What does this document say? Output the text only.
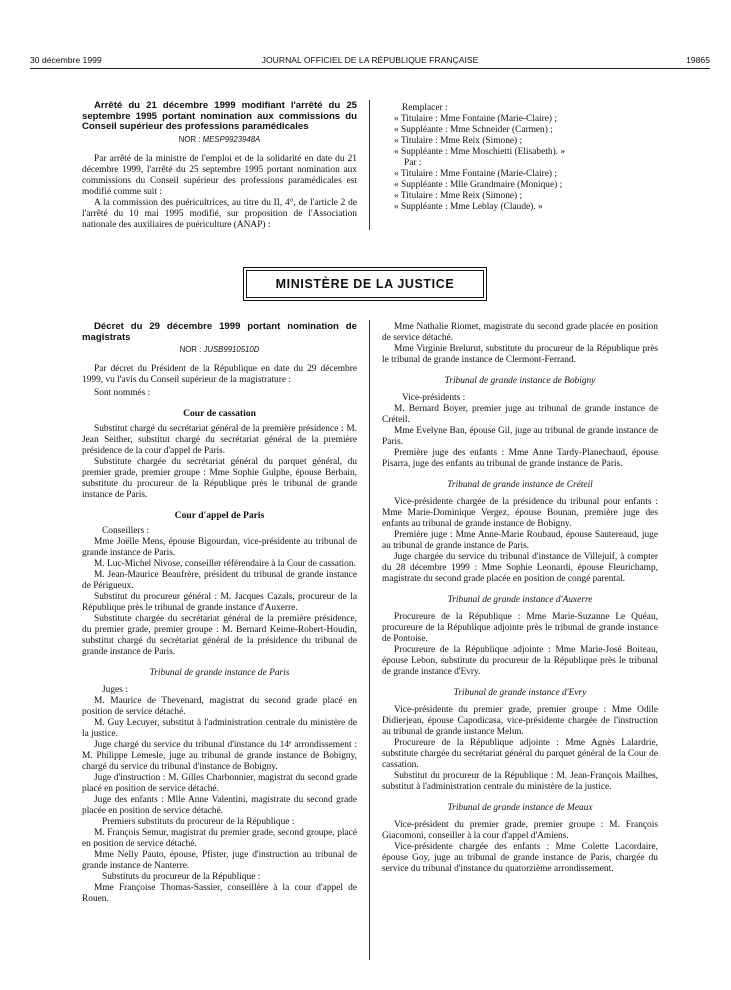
30 décembre 1999	JOURNAL OFFICIEL DE LA RÉPUBLIQUE FRANÇAISE	19865

Arrêté du 21 décembre 1999 modifiant l'arrêté du 25 septembre 1995 portant nomination aux commissions du Conseil supérieur des professions paramédicales

NOR : MESP9923948A

Par arrêté de la ministre de l'emploi et de la solidarité en date du 21 décembre 1999, l'arrêté du 25 septembre 1995 portant nomination aux commissions du Conseil supérieur des professions paramédicales est modifié comme suit :

A la commission des puéricultrices, au titre du II, 4°, de l'article 2 de l'arrêté du 10 mai 1995 modifié, sur proposition de l'Association nationale des auxiliaires de puériculture (ANAP) :

Remplacer :

« Titulaire : Mme Fontaine (Marie-Claire) ;

« Suppléante : Mme Schneider (Carmen) ;

« Titulaire : Mme Reix (Simone) ;

« Suppléante : Mme Moschietti (Elisabeth). »

Par :

« Titulaire : Mme Fontaine (Marie-Claire) ;

« Suppléante : Mlle Grandmaire (Monique) ;

« Titulaire : Mme Reix (Simone) ;

« Suppléante : Mme Leblay (Claude). »

MINISTÈRE DE LA JUSTICE

Décret du 29 décembre 1999 portant nomination de magistrats

NOR : JUSB9910510D

Par décret du Président de la République en date du 29 décembre 1999, vu l'avis du Conseil supérieur de la magistrature :

Sont nommés :

Cour de cassation

Substitut chargé du secrétariat général de la première présidence : M. Jean Seither, substitut chargé du secrétariat général de la première présidence de la cour d'appel de Paris.

Substitute chargée du secrétariat général du parquet général, du premier grade, premier groupe : Mme Sophie Gulphe, épouse Berbain, substitute du procureur de la République près le tribunal de grande instance de Paris.

Cour d'appel de Paris

Conseillers :

Mme Joëlle Mens, épouse Bigourdan, vice-présidente au tribunal de grande instance de Paris.

M. Luc-Michel Nivose, conseiller référendaire à la Cour de cassation.

M. Jean-Maurice Beaufrère, président du tribunal de grande instance de Périgueux.

Substitut du procureur général : M. Jacques Cazals, procureur de la République près le tribunal de grande instance d'Auxerre.

Substitute chargée du secrétariat général de la première présidence, du premier grade, premier groupe : M. Bernard Keime-Robert-Houdin, substitut chargé du secrétariat général de la présidence du tribunal de grande instance de Paris.

Tribunal de grande instance de Paris

Juges :

M. Maurice de Thevenard, magistrat du second grade placé en position de service détaché.

M. Guy Lecuyer, substitut à l'administration centrale du ministère de la justice.

Juge chargé du service du tribunal d'instance du 14ᵉ arrondissement : M. Philippe Lemesle, juge au tribunal de grande instance de Bobigny, chargé du service du tribunal d'instance de Bobigny.

Juge d'instruction : M. Gilles Charbonnier, magistrat du second grade placé en position de service détaché.

Juge des enfants : Mlle Anne Valentini, magistrate du second grade placée en position de service détaché.

Premiers substituts du procureur de la République :

M. François Semur, magistrat du premier grade, second groupe, placé en position de service détaché.

Mme Nelly Pauto, épouse, Pfister, juge d'instruction au tribunal de grande instance de Nanterre.

Substituts du procureur de la République :

Mme Françoise Thomas-Sassier, conseillère à la cour d'appel de Rouen.

Mme Nathalie Riomet, magistrate du second grade placée en position de service détaché.

Mme Virginie Brelurut, substitute du procureur de la République près le tribunal de grande instance de Clermont-Ferrand.

Tribunal de grande instance de Bobigny

Vice-présidents :

M. Bernard Boyer, premier juge au tribunal de grande instance de Créteil.

Mme Evelyne Ban, épouse Gil, juge au tribunal de grande instance de Paris.

Première juge des enfants : Mme Anne Tardy-Planechaud, épouse Pisarra, juge des enfants au tribunal de grande instance de Paris.

Tribunal de grande instance de Créteil

Vice-présidente chargée de la présidence du tribunal pour enfants : Mme Marie-Dominique Vergez, épouse Bounan, première juge des enfants au tribunal de grande instance de Bobigny.

Première juge : Mme Anne-Marie Roubaud, épouse Sautereaud, juge au tribunal de grande instance de Paris.

Juge chargée du service du tribunal d'instance de Villejuif, à compter du 28 décembre 1999 : Mme Sophie Leonardi, épouse Fleurichamp, magistrate du second grade placée en position de congé parental.

Tribunal de grande instance d'Auxerre

Procureure de la République : Mme Marie-Suzanne Le Quéau, procureure de la République adjointe près le tribunal de grande instance de Pontoise.

Procureure de la République adjointe : Mme Marie-José Boiteau, épouse Lebon, substitute du procureur de la République près le tribunal de grande instance d'Evry.

Tribunal de grande instance d'Evry

Vice-présidente du premier grade, premier groupe : Mme Odile Didierjean, épouse Capodicasa, vice-présidente chargée de l'instruction au tribunal de grande instance Melun.

Procureure de la République adjointe : Mme Agnès Lalardrie, substitute chargée du secrétariat général du parquet général de la Cour de cassation.

Substitut du procureur de la République : M. Jean-François Mailhes, substitut à l'administration centrale du ministère de la justice.

Tribunal de grande instance de Meaux

Vice-président du premier grade, premier groupe : M. François Giacomoni, conseiller à la cour d'appel d'Amiens.

Vice-présidente chargée des enfants : Mme Colette Lacordaire, épouse Goy, juge au tribunal de grande instance de Paris, chargée du service du tribunal d'instance du quatorzième arrondissement.
